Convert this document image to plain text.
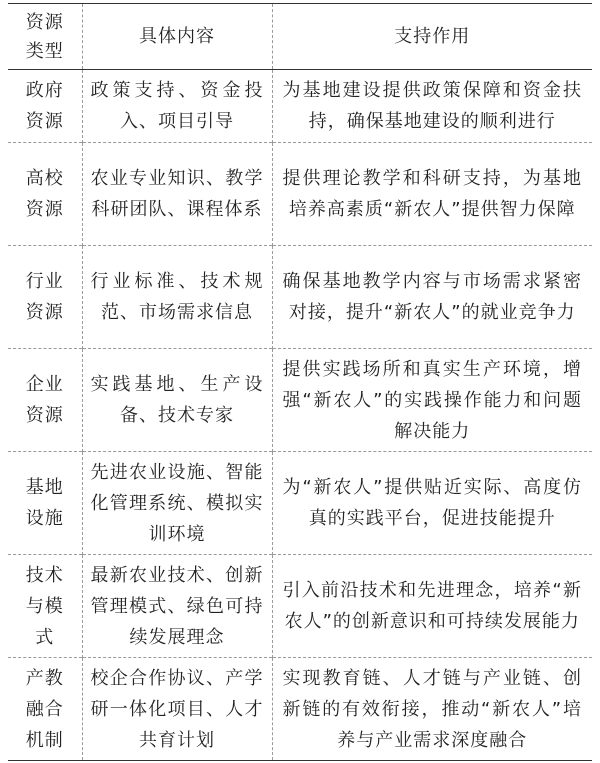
资源类型	具体内容	支持作用

政府资源	政策支持、资金投入、项目引导	为基地建设提供政策保障和资金扶持，确保基地建设的顺利进行

高校资源	农业专业知识、教学科研团队、课程体系	提供理论教学和科研支持，为基地培养高素质“新农人”提供智力保障

行业资源	行业标准、技术规范、市场需求信息	确保基地教学内容与市场需求紧密对接，提升“新农人”的就业竞争力

企业资源	实践基地、生产设备、技术专家	提供实践场所和真实生产环境，增强“新农人”的实践操作能力和问题解决能力

基地设施	先进农业设施、智能化管理系统、模拟实训环境	为“新农人”提供贴近实际、高度仿真的实践平台，促进技能提升

技术与模式	最新农业技术、创新管理模式、绿色可持续发展理念	引入前沿技术和先进理念，培养“新农人”的创新意识和可持续发展能力

产教融合机制	校企合作协议、产学研一体化项目、人才共育计划	实现教育链、人才链与产业链、创新链的有效衔接，推动“新农人”培养与产业需求深度融合
